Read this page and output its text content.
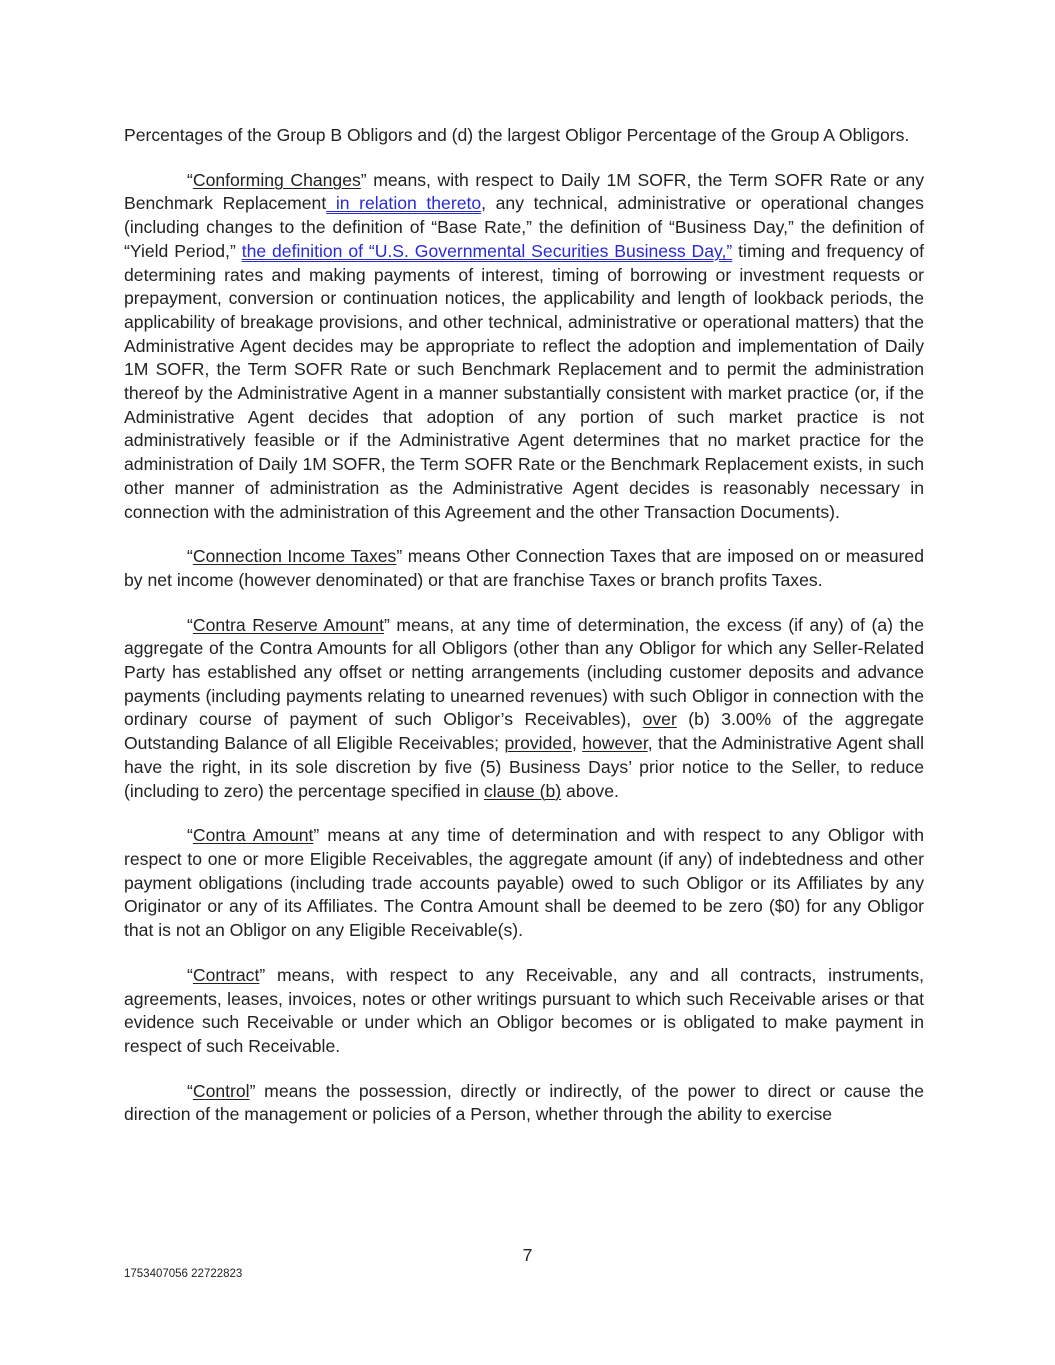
Percentages of the Group B Obligors and (d) the largest Obligor Percentage of the Group A Obligors.

“Conforming Changes” means, with respect to Daily 1M SOFR, the Term SOFR Rate or any Benchmark Replacement in relation thereto, any technical, administrative or operational changes (including changes to the definition of “Base Rate,” the definition of “Business Day,” the definition of “Yield Period,” the definition of “U.S. Governmental Securities Business Day,” timing and frequency of determining rates and making payments of interest, timing of borrowing or investment requests or prepayment, conversion or continuation notices, the applicability and length of lookback periods, the applicability of breakage provisions, and other technical, administrative or operational matters) that the Administrative Agent decides may be appropriate to reflect the adoption and implementation of Daily 1M SOFR, the Term SOFR Rate or such Benchmark Replacement and to permit the administration thereof by the Administrative Agent in a manner substantially consistent with market practice (or, if the Administrative Agent decides that adoption of any portion of such market practice is not administratively feasible or if the Administrative Agent determines that no market practice for the administration of Daily 1M SOFR, the Term SOFR Rate or the Benchmark Replacement exists, in such other manner of administration as the Administrative Agent decides is reasonably necessary in connection with the administration of this Agreement and the other Transaction Documents).

“Connection Income Taxes” means Other Connection Taxes that are imposed on or measured by net income (however denominated) or that are franchise Taxes or branch profits Taxes.

“Contra Reserve Amount” means, at any time of determination, the excess (if any) of (a) the aggregate of the Contra Amounts for all Obligors (other than any Obligor for which any Seller-Related Party has established any offset or netting arrangements (including customer deposits and advance payments (including payments relating to unearned revenues) with such Obligor in connection with the ordinary course of payment of such Obligor’s Receivables), over (b) 3.00% of the aggregate Outstanding Balance of all Eligible Receivables; provided, however, that the Administrative Agent shall have the right, in its sole discretion by five (5) Business Days’ prior notice to the Seller, to reduce (including to zero) the percentage specified in clause (b) above.

“Contra Amount” means at any time of determination and with respect to any Obligor with respect to one or more Eligible Receivables, the aggregate amount (if any) of indebtedness and other payment obligations (including trade accounts payable) owed to such Obligor or its Affiliates by any Originator or any of its Affiliates. The Contra Amount shall be deemed to be zero ($0) for any Obligor that is not an Obligor on any Eligible Receivable(s).

“Contract” means, with respect to any Receivable, any and all contracts, instruments, agreements, leases, invoices, notes or other writings pursuant to which such Receivable arises or that evidence such Receivable or under which an Obligor becomes or is obligated to make payment in respect of such Receivable.

“Control” means the possession, directly or indirectly, of the power to direct or cause the direction of the management or policies of a Person, whether through the ability to exercise

7
1753407056 22722823
